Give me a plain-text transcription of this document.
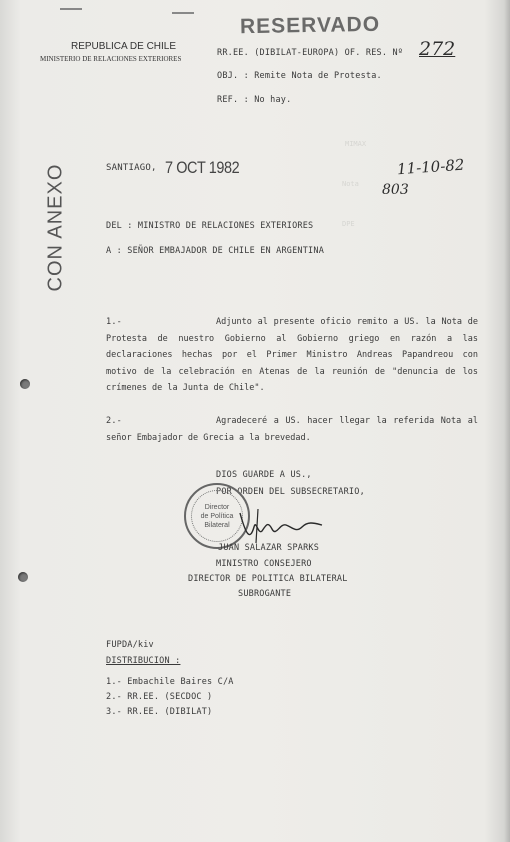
REPUBLICA DE CHILE
MINISTERIO DE RELACIONES EXTERIORES
RESERVADO
RR.EE. (DIBILAT-EUROPA) OF. RES. Nº 272
OBJ. : Remite Nota de Protesta.
REF. : No hay.
MIMAX
Nota
DPE
CON ANEXO	SANTIAGO, 7 OCT 1982	11-10-82
803
DEL : MINISTRO DE RELACIONES EXTERIORES
A : SEÑOR EMBAJADOR DE CHILE EN ARGENTINA
1.-	Adjunto al presente oficio remito a US. la Nota de Protesta de nuestro Gobierno al Gobierno griego en razón a las declaraciones hechas por el Primer Ministro Andreas Papandreou con motivo de la celebración en Atenas de la reunión de "denuncia de los crímenes de la Junta de Chile".
2.-	Agradeceré a US. hacer llegar la referida Nota al señor Embajador de Grecia a la brevedad.
DIOS GUARDE A US.,
POR ORDEN DEL SUBSECRETARIO,
Director
de Política
Bilateral
JUAN SALAZAR SPARKS
MINISTRO CONSEJERO
DIRECTOR DE POLITICA BILATERAL
SUBROGANTE
FUPDA/kiv
DISTRIBUCION :
1.- Embachile Baires C/A
2.- RR.EE. (SECDOC )
3.- RR.EE. (DIBILAT)
